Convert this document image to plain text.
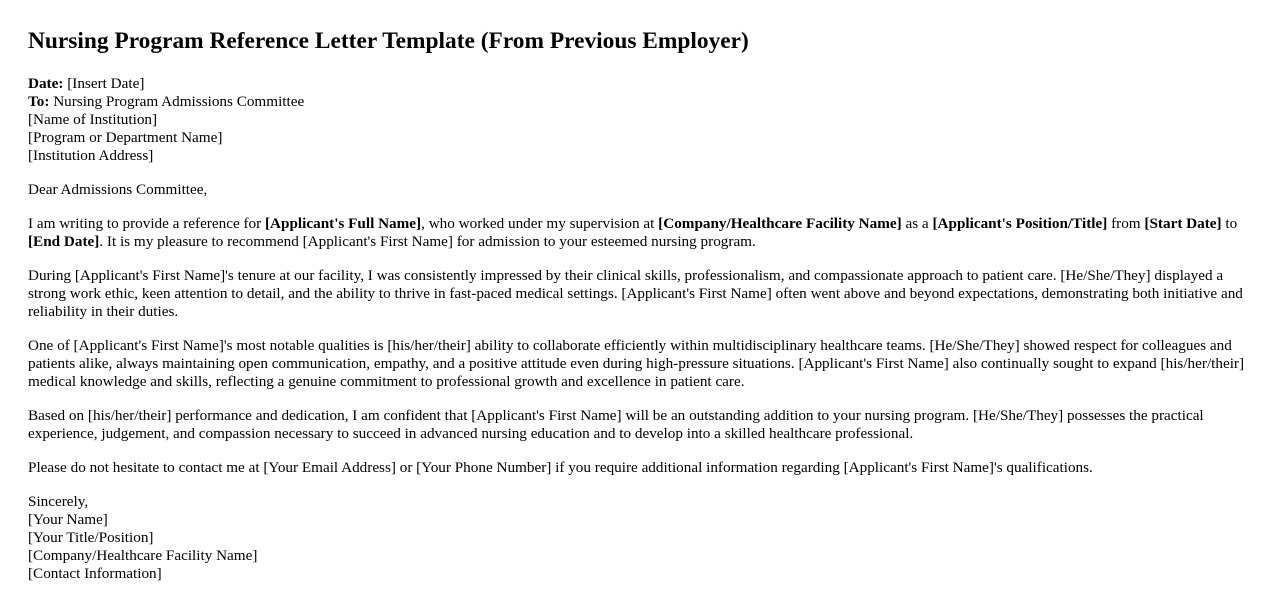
Nursing Program Reference Letter Template (From Previous Employer)
Date: [Insert Date]
To: Nursing Program Admissions Committee
[Name of Institution]
[Program or Department Name]
[Institution Address]

Dear Admissions Committee,

I am writing to provide a reference for [Applicant's Full Name], who worked under my supervision at [Company/Healthcare Facility Name] as a [Applicant's Position/Title] from [Start Date] to [End Date]. It is my pleasure to recommend [Applicant's First Name] for admission to your esteemed nursing program.

During [Applicant's First Name]'s tenure at our facility, I was consistently impressed by their clinical skills, professionalism, and compassionate approach to patient care. [He/She/They] displayed a strong work ethic, keen attention to detail, and the ability to thrive in fast-paced medical settings. [Applicant's First Name] often went above and beyond expectations, demonstrating both initiative and reliability in their duties.

One of [Applicant's First Name]'s most notable qualities is [his/her/their] ability to collaborate efficiently within multidisciplinary healthcare teams. [He/She/They] showed respect for colleagues and patients alike, always maintaining open communication, empathy, and a positive attitude even during high-pressure situations. [Applicant's First Name] also continually sought to expand [his/her/their] medical knowledge and skills, reflecting a genuine commitment to professional growth and excellence in patient care.

Based on [his/her/their] performance and dedication, I am confident that [Applicant's First Name] will be an outstanding addition to your nursing program. [He/She/They] possesses the practical experience, judgement, and compassion necessary to succeed in advanced nursing education and to develop into a skilled healthcare professional.

Please do not hesitate to contact me at [Your Email Address] or [Your Phone Number] if you require additional information regarding [Applicant's First Name]'s qualifications.

Sincerely,
[Your Name]
[Your Title/Position]
[Company/Healthcare Facility Name]
[Contact Information]
